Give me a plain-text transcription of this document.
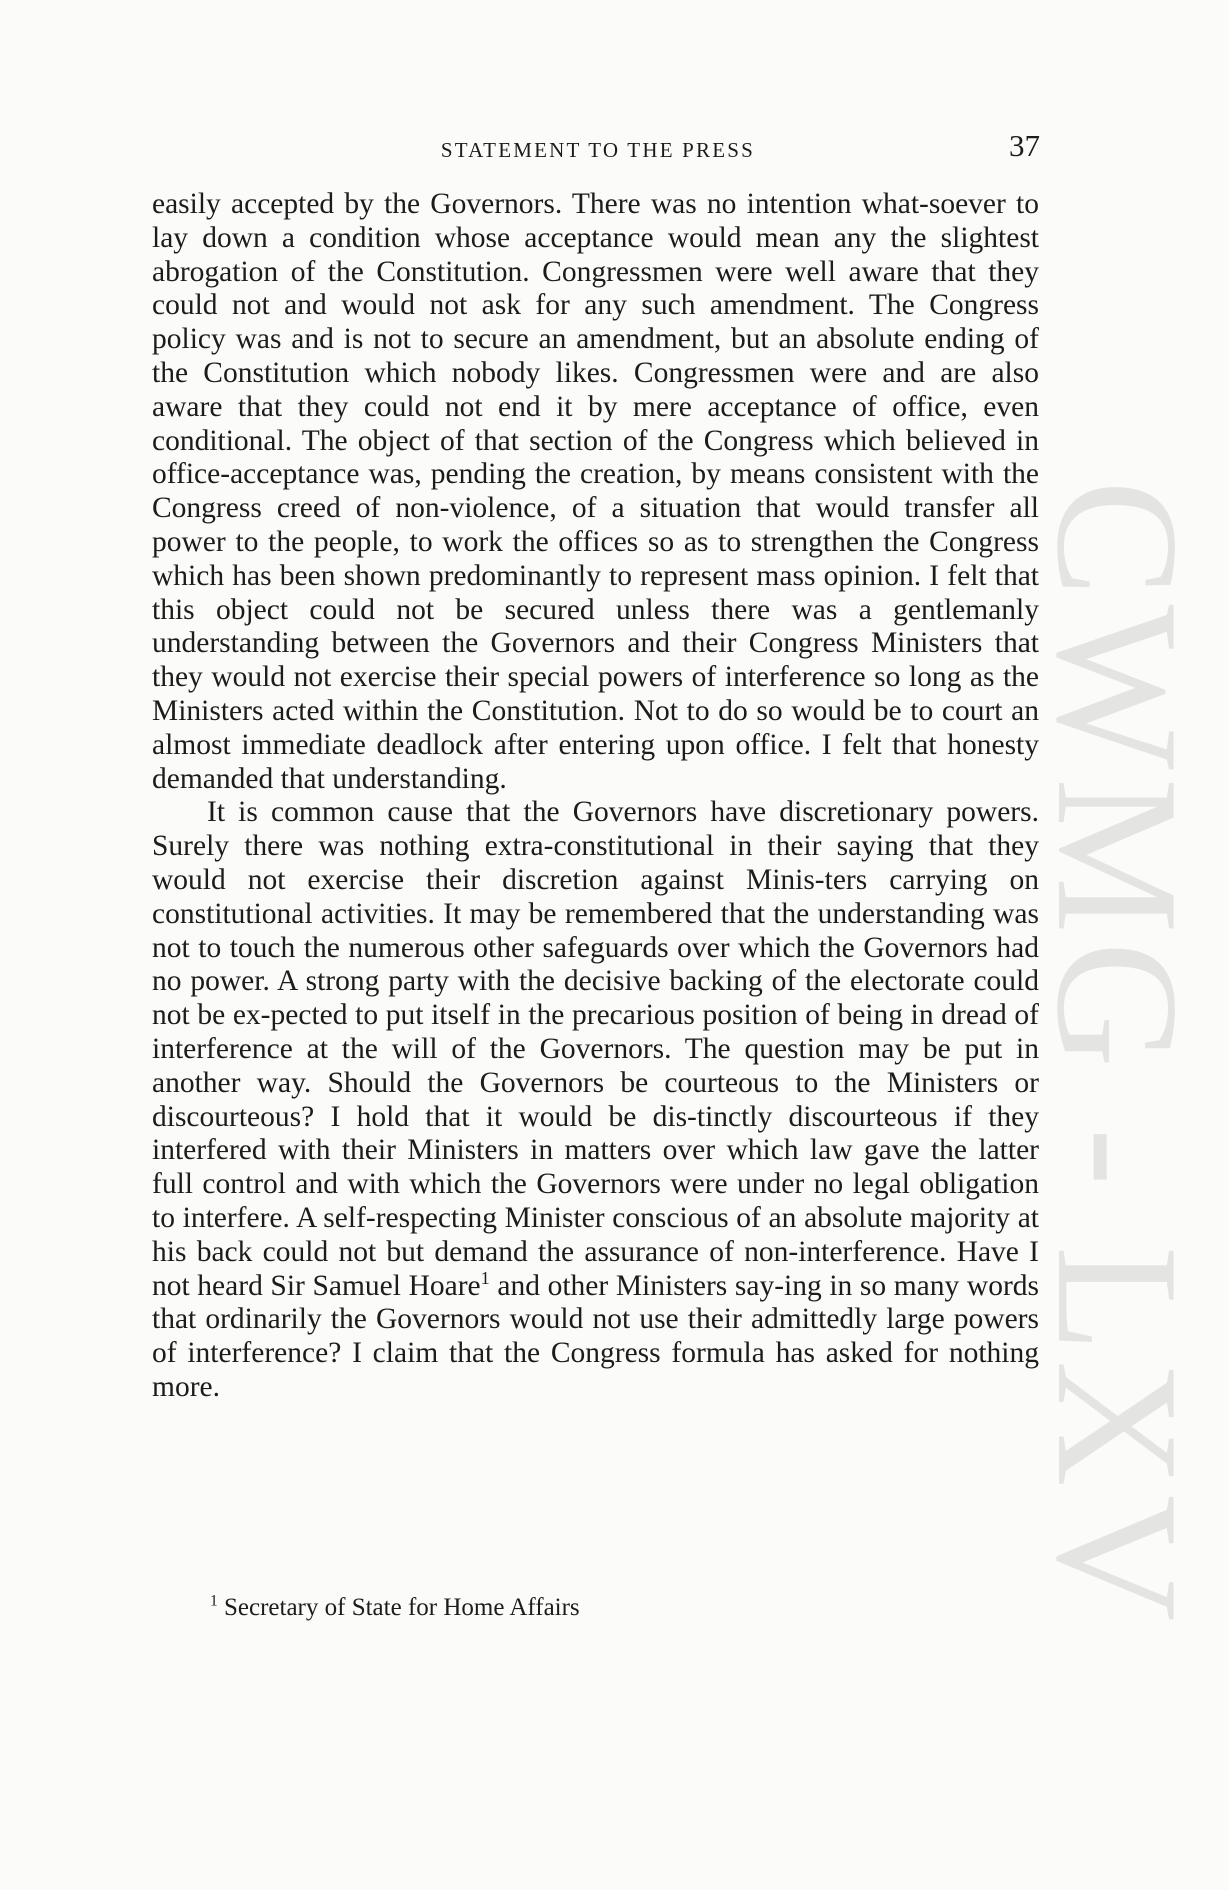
CWMG - LXV
STATEMENT TO THE PRESS	37

easily accepted by the Governors. There was no intention what-soever to lay down a condition whose acceptance would mean any the slightest abrogation of the Constitution. Congressmen were well aware that they could not and would not ask for any such amendment. The Congress policy was and is not to secure an amendment, but an absolute ending of the Constitution which nobody likes. Congressmen were and are also aware that they could not end it by mere acceptance of office, even conditional. The object of that section of the Congress which believed in office-acceptance was, pending the creation, by means consistent with the Congress creed of non-violence, of a situation that would transfer all power to the people, to work the offices so as to strengthen the Congress which has been shown predominantly to represent mass opinion. I felt that this object could not be secured unless there was a gentlemanly understanding between the Governors and their Congress Ministers that they would not exercise their special powers of interference so long as the Ministers acted within the Constitution. Not to do so would be to court an almost immediate deadlock after entering upon office. I felt that honesty demanded that understanding.

It is common cause that the Governors have discretionary powers. Surely there was nothing extra-constitutional in their saying that they would not exercise their discretion against Minis-ters carrying on constitutional activities. It may be remembered that the understanding was not to touch the numerous other safeguards over which the Governors had no power. A strong party with the decisive backing of the electorate could not be ex-pected to put itself in the precarious position of being in dread of interference at the will of the Governors. The question may be put in another way. Should the Governors be courteous to the Ministers or discourteous? I hold that it would be dis-tinctly discourteous if they interfered with their Ministers in matters over which law gave the latter full control and with which the Governors were under no legal obligation to interfere. A self-respecting Minister conscious of an absolute majority at his back could not but demand the assurance of non-interference. Have I not heard Sir Samuel Hoare$^1$ and other Ministers say-ing in so many words that ordinarily the Governors would not use their admittedly large powers of interference? I claim that the Congress formula has asked for nothing more.

$^1$ Secretary of State for Home Affairs
